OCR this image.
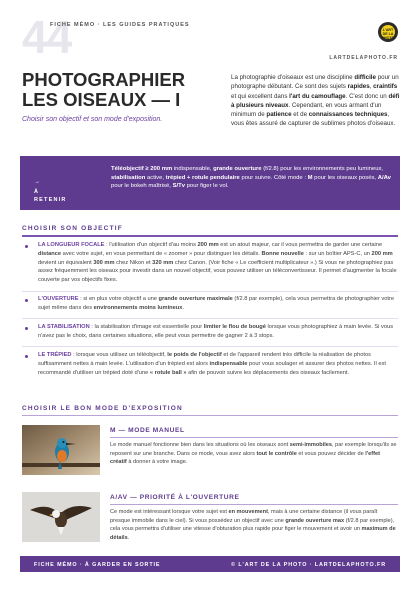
44
FICHE MÉMO · LES GUIDES PRATIQUES
L'ART
DE LA
PHOTO
LARTDELAPHOTO.FR
PHOTOGRAPHIER
LES OISEAUX — I
Choisir son objectif et son mode d'exposition.
La photographie d'oiseaux est une discipline difficile pour un photographe débutant. Ce sont des sujets rapides, craintifs et qui excellent dans l'art du camouflage. C'est donc un défi à plusieurs niveaux. Cependant, en vous armant d'un minimum de patience et de connaissances techniques, vous êtes assuré de capturer de sublimes photos d'oiseaux.
→
À
RETENIR
Téléobjectif ≥ 200 mm indispensable, grande ouverture (f/2.8) pour les environnements peu lumineux, stabilisation active, trépied + rotule pendulaire pour suivre. Côté mode : M pour les oiseaux posés, A/Av pour le bokeh maîtrisé, S/Tv pour figer le vol.
CHOISIR SON OBJECTIF
LA LONGUEUR FOCALE : l'utilisation d'un objectif d'au moins 200 mm est un atout majeur, car il vous permettra de garder une certaine distance avec votre sujet, en vous permettant de « zoomer » pour distinguer les détails. Bonne nouvelle : sur un boîtier APS-C, un 200 mm devient un équivalent 300 mm chez Nikon et 320 mm chez Canon. (Voir fiche « Le coefficient multiplicateur ».) Si vous ne photographiez pas assez fréquemment les oiseaux pour investir dans un nouvel objectif, vous pouvez utiliser un téléconvertisseur. Il permet d'augmenter la focale couverte par vos objectifs fixes.
L'OUVERTURE : si en plus votre objectif a une grande ouverture maximale (f/2.8 par exemple), cela vous permettra de photographier votre sujet même dans des environnements moins lumineux.
LA STABILISATION : la stabilisation d'image est essentielle pour limiter le flou de bougé lorsque vous photographiez à main levée. Si vous n'avez pas le choix, dans certaines situations, elle peut vous permettre de gagner 2 à 3 stops.
LE TRÉPIED : lorsque vous utilisez un téléobjectif, le poids de l'objectif et de l'appareil rendent très difficile la réalisation de photos suffisamment nettes à main levée. L'utilisation d'un trépied est alors indispensable pour vous soulager et assurer des photos nettes. Il est recommandé d'utiliser un trépied doté d'une « rotule ball » afin de pouvoir suivre les déplacements des oiseaux facilement.
CHOISIR LE BON MODE D'EXPOSITION
M — MODE MANUEL
Le mode manuel fonctionne bien dans les situations où les oiseaux sont semi-immobiles, par exemple lorsqu'ils se reposent sur une branche. Dans ce mode, vous avez alors tout le contrôle et vous pouvez décider de l'effet créatif à donner à votre image.
A/AV — PRIORITÉ À L'OUVERTURE
Ce mode est intéressant lorsque votre sujet est en mouvement, mais à une certaine distance (il vous paraît presque immobile dans le ciel). Si vous possédez un objectif avec une grande ouverture max (f/2.8 par exemple), cela vous permettra d'utiliser une vitesse d'obturation plus rapide pour figer le mouvement et avoir un maximum de détails.
FICHE MÉMO · À GARDER EN SORTIE	© L'ART DE LA PHOTO · LARTDELAPHOTO.FR
